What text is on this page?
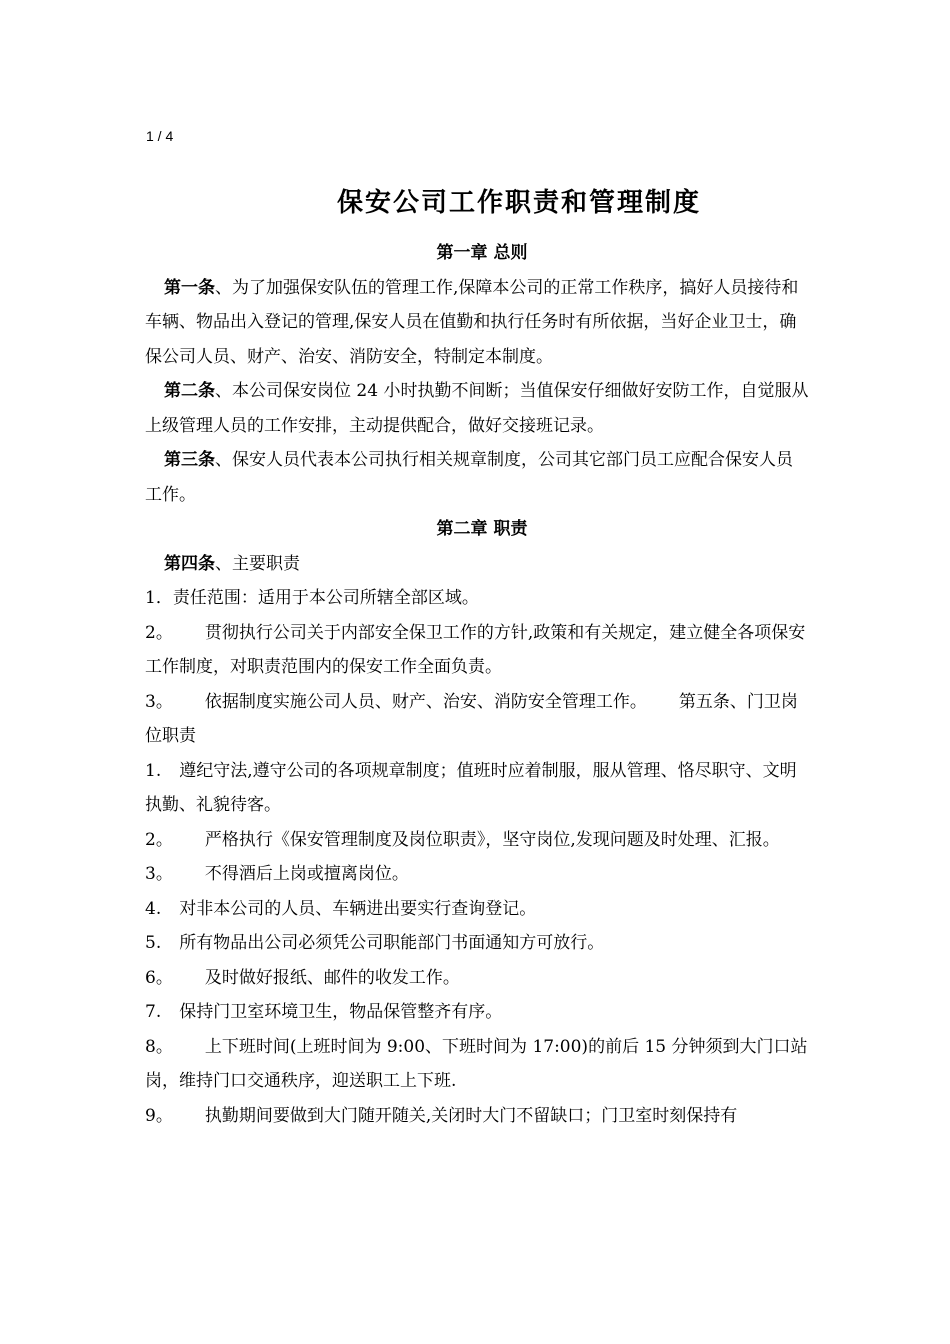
1 / 4
保安公司工作职责和管理制度

第一章 总则

第一条、为了加强保安队伍的管理工作,保障本公司的正常工作秩序，搞好人员接待和车辆、物品出入登记的管理,保安人员在值勤和执行任务时有所依据，当好企业卫士，确保公司人员、财产、治安、消防安全，特制定本制度。

第二条、本公司保安岗位 24 小时执勤不间断；当值保安仔细做好安防工作，自觉服从上级管理人员的工作安排，主动提供配合，做好交接班记录。

第三条、保安人员代表本公司执行相关规章制度，公司其它部门员工应配合保安人员工作。

第二章 职责

第四条、主要职责

1．责任范围：适用于本公司所辖全部区域。

2。 贯彻执行公司关于内部安全保卫工作的方针,政策和有关规定，建立健全各项保安工作制度，对职责范围内的保安工作全面负责。

3。 依据制度实施公司人员、财产、治安、消防安全管理工作。 第五条、门卫岗位职责

1. 遵纪守法,遵守公司的各项规章制度；值班时应着制服，服从管理、恪尽职守、文明执勤、礼貌待客。

2。 严格执行《保安管理制度及岗位职责》，坚守岗位,发现问题及时处理、汇报。

3。 不得酒后上岗或擅离岗位。

4. 对非本公司的人员、车辆进出要实行查询登记。

5. 所有物品出公司必须凭公司职能部门书面通知方可放行。

6。 及时做好报纸、邮件的收发工作。

7. 保持门卫室环境卫生，物品保管整齐有序。

8。 上下班时间(上班时间为 9:00、下班时间为 17:00)的前后 15 分钟须到大门口站岗，维持门口交通秩序，迎送职工上下班.

9。 执勤期间要做到大门随开随关,关闭时大门不留缺口；门卫室时刻保持有
